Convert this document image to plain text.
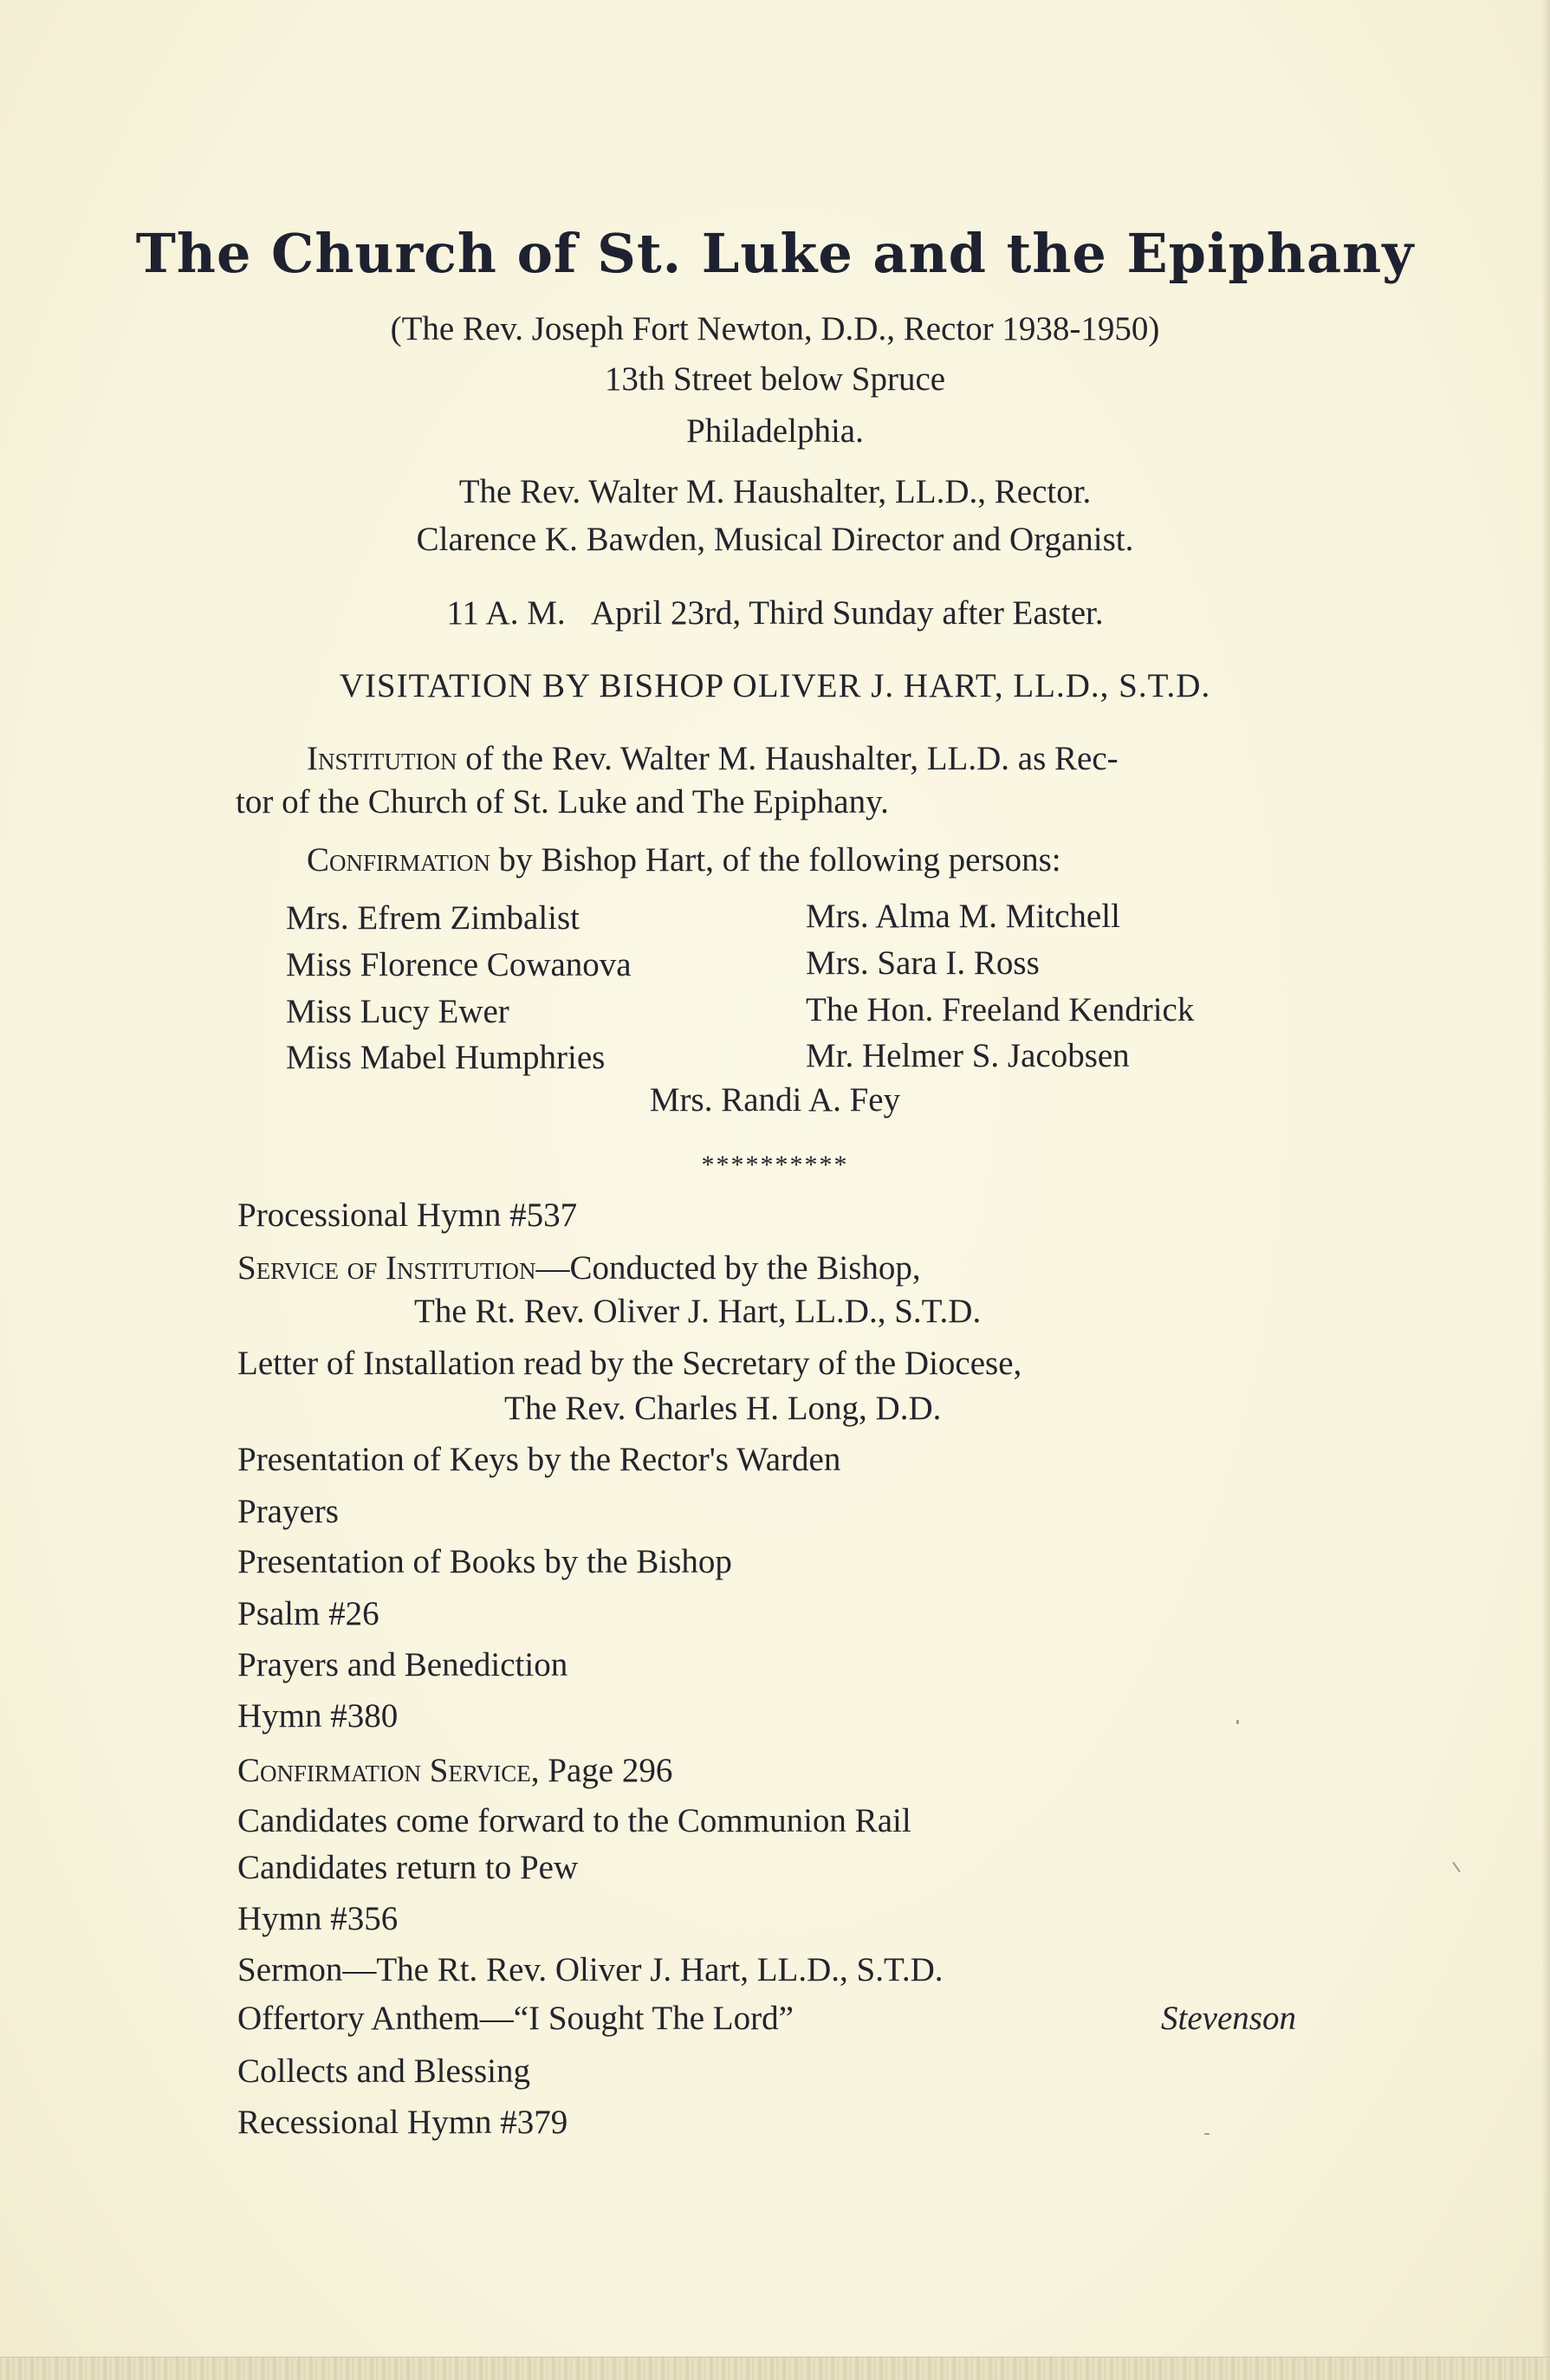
The Church of St. Luke and the Epiphany
(The Rev. Joseph Fort Newton, D.D., Rector 1938-1950)
13th Street below Spruce
Philadelphia.
The Rev. Walter M. Haushalter, LL.D., Rector.
Clarence K. Bawden, Musical Director and Organist.
11 A. M. April 23rd, Third Sunday after Easter.
VISITATION BY BISHOP OLIVER J. HART, LL.D., S.T.D.
Institution of the Rev. Walter M. Haushalter, LL.D. as Rec-
tor of the Church of St. Luke and The Epiphany.
Confirmation by Bishop Hart, of the following persons:
Mrs. Efrem Zimbalist
Miss Florence Cowanova
Miss Lucy Ewer
Miss Mabel Humphries
Mrs. Alma M. Mitchell
Mrs. Sara I. Ross
The Hon. Freeland Kendrick
Mr. Helmer S. Jacobsen
Mrs. Randi A. Fey
**********
Processional Hymn #537
Service of Institution—Conducted by the Bishop,
The Rt. Rev. Oliver J. Hart, LL.D., S.T.D.
Letter of Installation read by the Secretary of the Diocese,
The Rev. Charles H. Long, D.D.
Presentation of Keys by the Rector's Warden
Prayers
Presentation of Books by the Bishop
Psalm #26
Prayers and Benediction
Hymn #380
Confirmation Service, Page 296
Candidates come forward to the Communion Rail
Candidates return to Pew
Hymn #356
Sermon—The Rt. Rev. Oliver J. Hart, LL.D., S.T.D.
Offertory Anthem—“I Sought The Lord”	Stevenson
Collects and Blessing
Recessional Hymn #379
